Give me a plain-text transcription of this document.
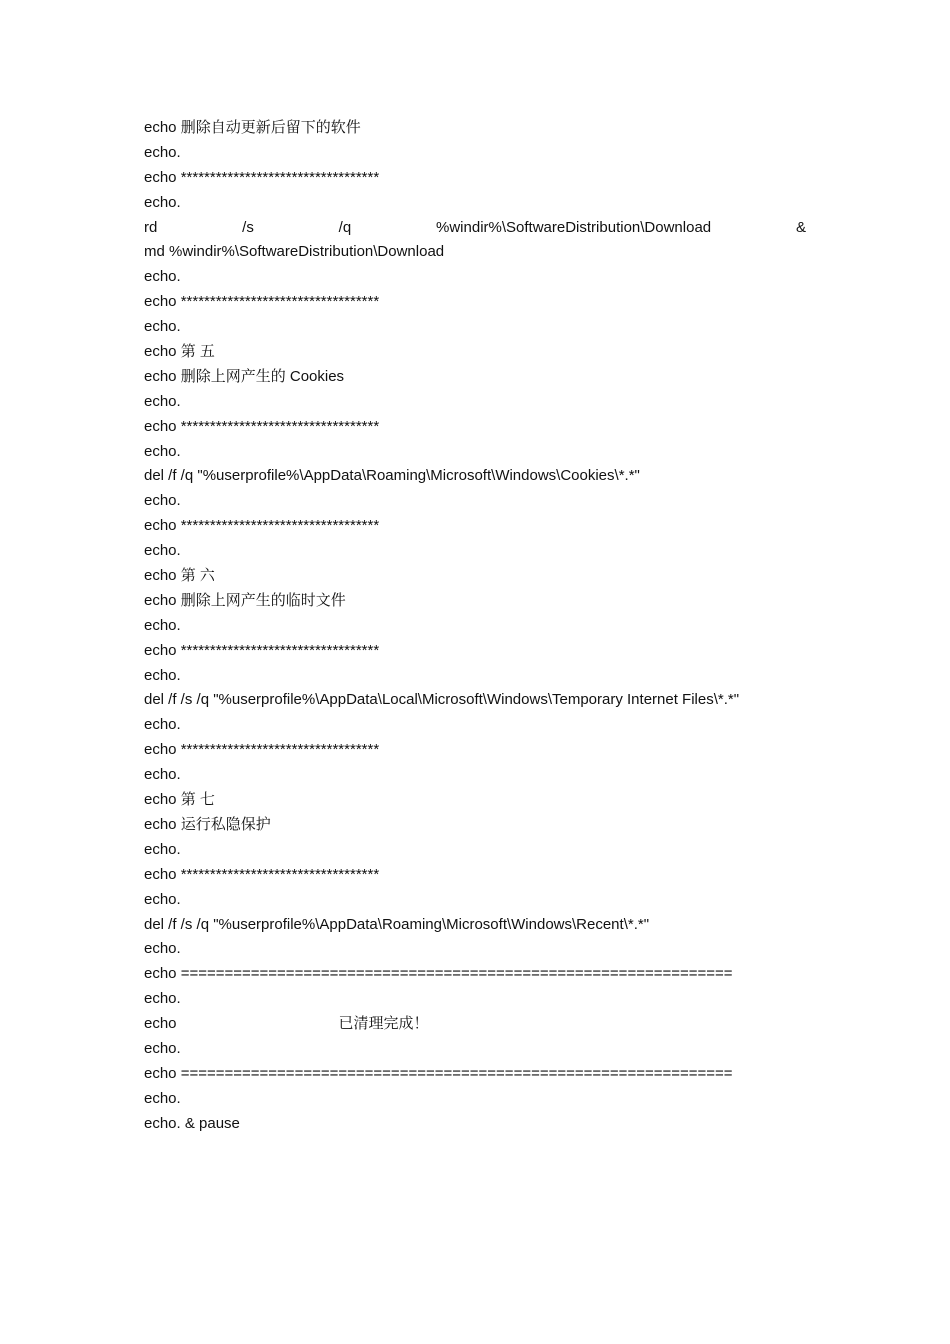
echo 删除自动更新后留下的软件
echo.
echo **********************************
echo.
rd	/s	/q	%windir%\SoftwareDistribution\Download	&
md %windir%\SoftwareDistribution\Download
echo.
echo **********************************
echo.
echo 第 五
echo 删除上网产生的 Cookies
echo.
echo **********************************
echo.
del /f /q "%userprofile%\AppData\Roaming\Microsoft\Windows\Cookies\*.*"
echo.
echo **********************************
echo.
echo 第 六
echo 删除上网产生的临时文件
echo.
echo **********************************
echo.
del /f /s /q "%userprofile%\AppData\Local\Microsoft\Windows\Temporary Internet Files\*.*"
echo.
echo **********************************
echo.
echo 第 七
echo 运行私隐保护
echo.
echo **********************************
echo.
del /f /s /q "%userprofile%\AppData\Roaming\Microsoft\Windows\Recent\*.*"
echo.
echo ===============================================================
echo.
echo	已清理完成！
echo.
echo ===============================================================
echo.
echo. & pause
